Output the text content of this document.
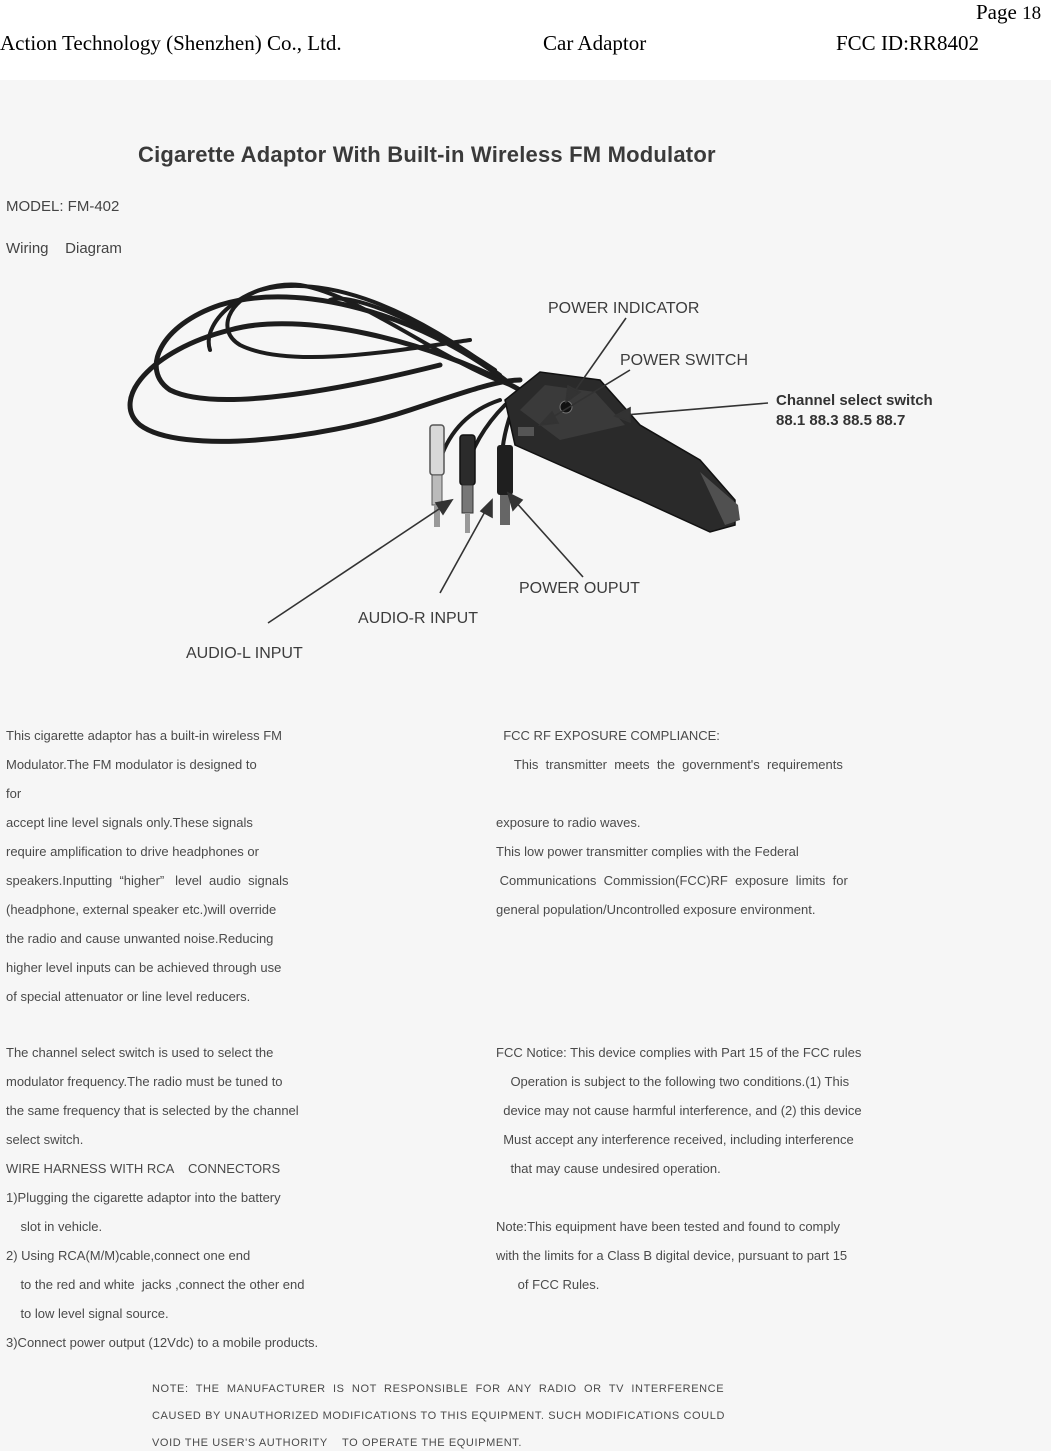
Page 18
Action Technology (Shenzhen) Co., Ltd.	Car Adaptor	FCC ID:RR8402
Cigarette Adaptor With Built-in Wireless FM Modulator
MODEL: FM-402
Wiring    Diagram
POWER INDICATOR
POWER SWITCH
Channel select switch
88.1 88.3 88.5 88.7
POWER OUPUT
AUDIO-R INPUT
AUDIO-L INPUT
This cigarette adaptor has a built-in wireless FM
Modulator.The FM modulator is designed to
for
accept line level signals only.These signals
require amplification to drive headphones or
speakers.Inputting  “higher”   level  audio  signals
(headphone, external speaker etc.)will override
the radio and cause unwanted noise.Reducing
higher level inputs can be achieved through use
of special attenuator or line level reducers.
The channel select switch is used to select the
modulator frequency.The radio must be tuned to
the same frequency that is selected by the channel
select switch.
WIRE HARNESS WITH RCA    CONNECTORS
1)Plugging the cigarette adaptor into the battery
slot in vehicle.
2) Using RCA(M/M)cable,connect one end
to the red and white  jacks ,connect the other end
to low level signal source.
3)Connect power output (12Vdc) to a mobile products.
FCC RF EXPOSURE COMPLIANCE:
This  transmitter  meets  the  government's  requirements
exposure to radio waves.
This low power transmitter complies with the Federal
Communications  Commission(FCC)RF  exposure  limits  for
general population/Uncontrolled exposure environment.
FCC Notice: This device complies with Part 15 of the FCC rules
Operation is subject to the following two conditions.(1) This
device may not cause harmful interference, and (2) this device
Must accept any interference received, including interference
that may cause undesired operation.
Note:This equipment have been tested and found to comply
with the limits for a Class B digital device, pursuant to part 15
of FCC Rules.
NOTE:  THE  MANUFACTURER  IS  NOT  RESPONSIBLE  FOR  ANY  RADIO  OR  TV  INTERFERENCE
CAUSED BY UNAUTHORIZED MODIFICATIONS TO THIS EQUIPMENT. SUCH MODIFICATIONS COULD
VOID THE USER'S AUTHORITY    TO OPERATE THE EQUIPMENT.
